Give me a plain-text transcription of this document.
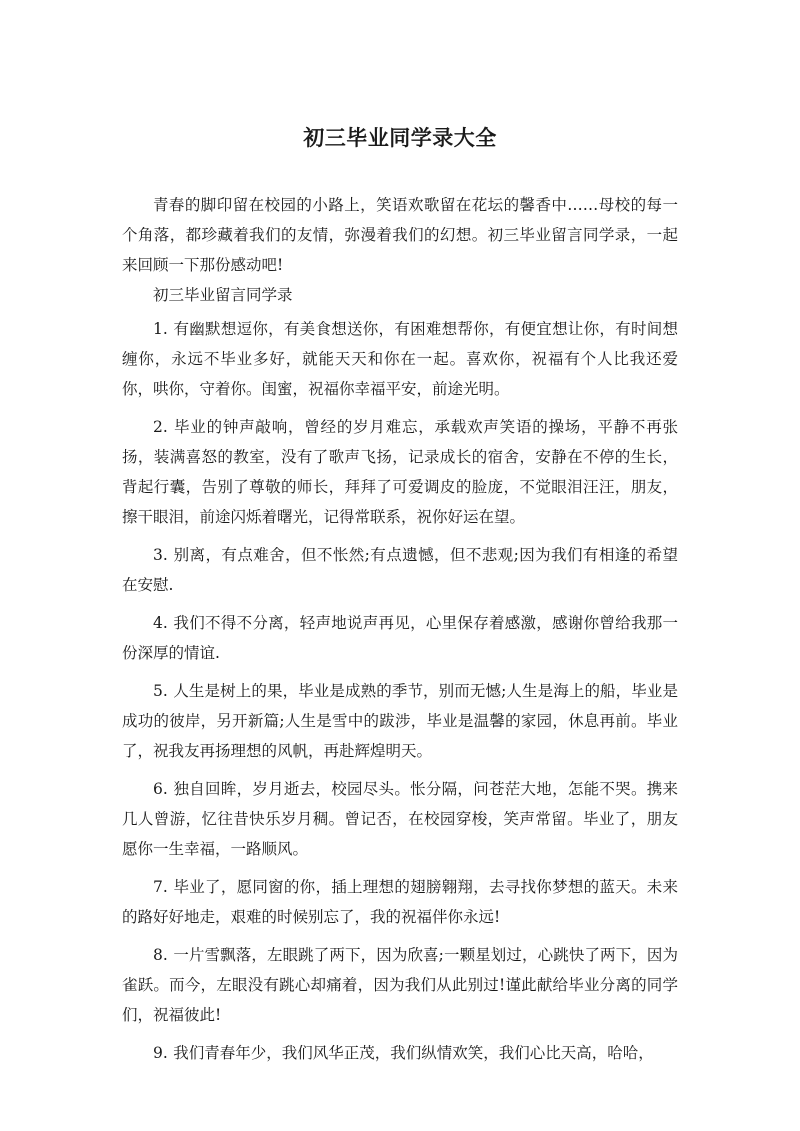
初三毕业同学录大全

青春的脚印留在校园的小路上，笑语欢歌留在花坛的馨香中……母校的每一个角落，都珍藏着我们的友情，弥漫着我们的幻想。初三毕业留言同学录，一起来回顾一下那份感动吧!

初三毕业留言同学录

1. 有幽默想逗你，有美食想送你，有困难想帮你，有便宜想让你，有时间想缠你，永远不毕业多好，就能天天和你在一起。喜欢你，祝福有个人比我还爱你，哄你，守着你。闺蜜，祝福你幸福平安，前途光明。

2. 毕业的钟声敲响，曾经的岁月难忘，承载欢声笑语的操场，平静不再张扬，装满喜怒的教室，没有了歌声飞扬，记录成长的宿舍，安静在不停的生长，背起行囊，告别了尊敬的师长，拜拜了可爱调皮的脸庞，不觉眼泪汪汪，朋友，擦干眼泪，前途闪烁着曙光，记得常联系，祝你好运在望。

3. 别离，有点难舍，但不怅然;有点遗憾，但不悲观;因为我们有相逢的希望在安慰.

4. 我们不得不分离，轻声地说声再见，心里保存着感激，感谢你曾给我那一份深厚的情谊.

5. 人生是树上的果，毕业是成熟的季节，别而无憾;人生是海上的船，毕业是成功的彼岸，另开新篇;人生是雪中的跋涉，毕业是温馨的家园，休息再前。毕业了，祝我友再扬理想的风帆，再赴辉煌明天。

6. 独自回眸，岁月逝去，校园尽头。怅分隔，问苍茫大地，怎能不哭。携来几人曾游，忆往昔快乐岁月稠。曾记否，在校园穿梭，笑声常留。毕业了，朋友愿你一生幸福，一路顺风。

7. 毕业了，愿同窗的你，插上理想的翅膀翱翔，去寻找你梦想的蓝天。未来的路好好地走，艰难的时候别忘了，我的祝福伴你永远!

8. 一片雪飘落，左眼跳了两下，因为欣喜;一颗星划过，心跳快了两下，因为雀跃。而今，左眼没有跳心却痛着，因为我们从此别过!谨此献给毕业分离的同学们，祝福彼此!

9. 我们青春年少，我们风华正茂，我们纵情欢笑，我们心比天高，哈哈，
